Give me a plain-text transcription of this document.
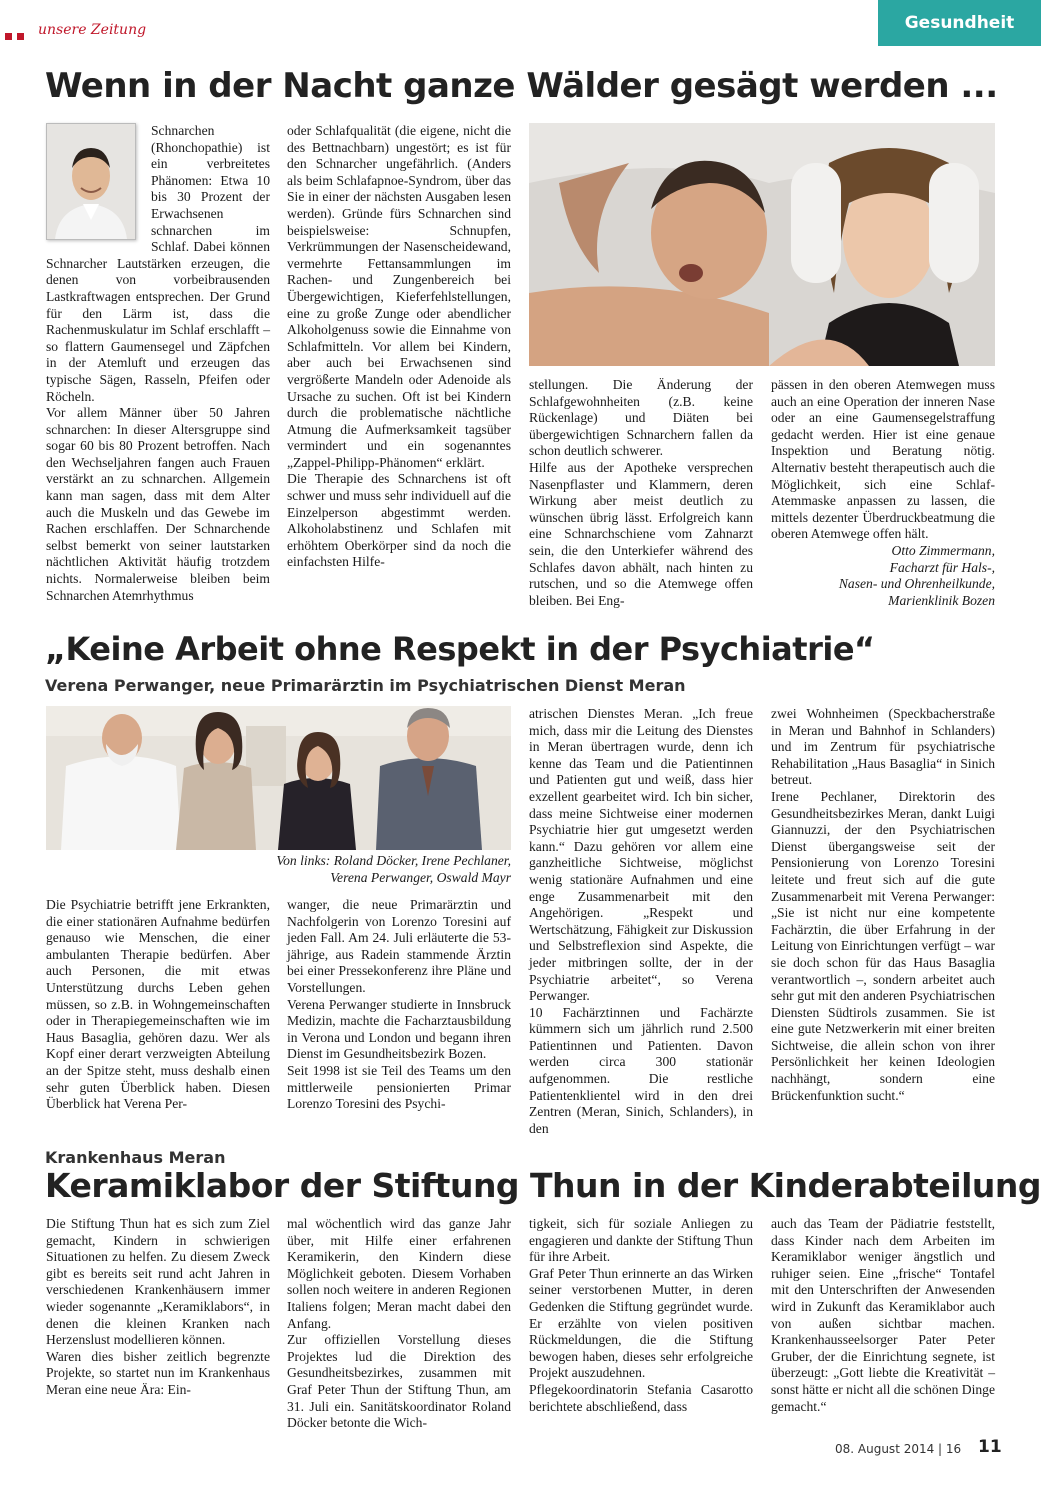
unsere Zeitung	Gesundheit
Wenn in der Nacht ganze Wälder gesägt werden ...

Schnarchen (Rhonchopathie) ist ein verbreitetes Phänomen: Etwa 10 bis 30 Prozent der Erwachsenen schnarchen im Schlaf. Dabei können Schnarcher Lautstärken erzeugen, die denen von vorbeibrausenden Lastkraftwagen entsprechen. Der Grund für den Lärm ist, dass die Rachenmuskulatur im Schlaf erschlafft – so flattern Gaumensegel und Zäpfchen in der Atemluft und erzeugen das typische Sägen, Rasseln, Pfeifen oder Röcheln.

Vor allem Männer über 50 Jahren schnarchen: In dieser Altersgruppe sind sogar 60 bis 80 Prozent betroffen. Nach den Wechseljahren fangen auch Frauen verstärkt an zu schnarchen. Allgemein kann man sagen, dass mit dem Alter auch die Muskeln und das Gewebe im Rachen erschlaffen. Der Schnarchende selbst bemerkt von seiner lautstarken nächtlichen Aktivität häufig trotzdem nichts. Normalerweise bleiben beim Schnarchen Atemrhythmus

oder Schlafqualität (die eigene, nicht die des Bettnachbarn) ungestört; es ist für den Schnarcher ungefährlich. (Anders als beim Schlafapnoe-Syndrom, über das Sie in einer der nächsten Ausgaben lesen werden). Gründe fürs Schnarchen sind beispielsweise: Schnupfen, Verkrümmungen der Nasenscheidewand, vermehrte Fettansammlungen im Rachen- und Zungenbereich bei Übergewichtigen, Kieferfehlstellungen, eine zu große Zunge oder abendlicher Alkoholgenuss sowie die Einnahme von Schlafmitteln. Vor allem bei Kindern, aber auch bei Erwachsenen sind vergrößerte Mandeln oder Adenoide als Ursache zu suchen. Oft ist bei Kindern durch die problematische nächtliche Atmung die Aufmerksamkeit tagsüber vermindert und ein sogenanntes „Zappel-Philipp-Phänomen“ erklärt.

Die Therapie des Schnarchens ist oft schwer und muss sehr individuell auf die Einzelperson abgestimmt werden. Alkoholabstinenz und Schlafen mit erhöhtem Oberkörper sind da noch die einfachsten Hilfe-

stellungen. Die Änderung der Schlafgewohnheiten (z.B. keine Rückenlage) und Diäten bei übergewichtigen Schnarchern fallen da schon deutlich schwerer.

Hilfe aus der Apotheke versprechen Nasenpflaster und Klammern, deren Wirkung aber meist deutlich zu wünschen übrig lässt. Erfolgreich kann eine Schnarchschiene vom Zahnarzt sein, die den Unterkiefer während des Schlafes davon abhält, nach hinten zu rutschen, und so die Atemwege offen bleiben. Bei Eng-

pässen in den oberen Atemwegen muss auch an eine Operation der inneren Nase oder an eine Gaumensegelstraffung gedacht werden. Hier ist eine genaue Inspektion und Beratung nötig. Alternativ besteht therapeutisch auch die Möglichkeit, sich eine Schlaf-Atemmaske anpassen zu lassen, die mittels dezenter Überdruckbeatmung die oberen Atemwege offen hält.

Otto Zimmermann,
Facharzt für Hals-,
Nasen- und Ohrenheilkunde,
Marienklinik Bozen
„Keine Arbeit ohne Respekt in der Psychiatrie“
Verena Perwanger, neue Primarärztin im Psychiatrischen Dienst Meran
Von links: Roland Döcker, Irene Pechlaner,
Verena Perwanger, Oswald Mayr

Die Psychiatrie betrifft jene Erkrankten, die einer stationären Aufnahme bedürfen genauso wie Menschen, die einer ambulanten Therapie bedürfen. Aber auch Personen, die mit etwas Unterstützung durchs Leben gehen müssen, so z.B. in Wohngemeinschaften oder in Therapiegemeinschaften wie im Haus Basaglia, gehören dazu. Wer als Kopf einer derart verzweigten Abteilung an der Spitze steht, muss deshalb einen sehr guten Überblick haben. Diesen Überblick hat Verena Per-

wanger, die neue Primarärztin und Nachfolgerin von Lorenzo Toresini auf jeden Fall. Am 24. Juli erläuterte die 53-jährige, aus Radein stammende Ärztin bei einer Pressekonferenz ihre Pläne und Vorstellungen.

Verena Perwanger studierte in Innsbruck Medizin, machte die Facharztausbildung in Verona und London und begann ihren Dienst im Gesundheitsbezirk Bozen.

Seit 1998 ist sie Teil des Teams um den mittlerweile pensionierten Primar Lorenzo Toresini des Psychi-

atrischen Dienstes Meran. „Ich freue mich, dass mir die Leitung des Dienstes in Meran übertragen wurde, denn ich kenne das Team und die Patientinnen und Patienten gut und weiß, dass hier exzellent gearbeitet wird. Ich bin sicher, dass meine Sichtweise einer modernen Psychiatrie hier gut umgesetzt werden kann.“ Dazu gehören vor allem eine ganzheitliche Sichtweise, möglichst wenig stationäre Aufnahmen und eine enge Zusammenarbeit mit den Angehörigen. „Respekt und Wertschätzung, Fähigkeit zur Diskussion und Selbstreflexion sind Aspekte, die jeder mitbringen sollte, der in der Psychiatrie arbeitet“, so Verena Perwanger.

10 Fachärztinnen und Fachärzte kümmern sich um jährlich rund 2.500 Patientinnen und Patienten. Davon werden circa 300 stationär aufgenommen. Die restliche Patientenklientel wird in den drei Zentren (Meran, Sinich, Schlanders), in den

zwei Wohnheimen (Speckbacherstraße in Meran und Bahnhof in Schlanders) und im Zentrum für psychiatrische Rehabilitation „Haus Basaglia“ in Sinich betreut.

Irene Pechlaner, Direktorin des Gesundheitsbezirkes Meran, dankt Luigi Giannuzzi, der den Psychiatrischen Dienst übergangsweise seit der Pensionierung von Lorenzo Toresini leitete und freut sich auf die gute Zusammenarbeit mit Verena Perwanger: „Sie ist nicht nur eine kompetente Fachärztin, die über Erfahrung in der Leitung von Einrichtungen verfügt – war sie doch schon für das Haus Basaglia verantwortlich –, sondern arbeitet auch sehr gut mit den anderen Psychiatrischen Diensten Südtirols zusammen. Sie ist eine gute Netzwerkerin mit einer breiten Sichtweise, die allein schon von ihrer Persönlichkeit her keinen Ideologien nachhängt, sondern eine Brückenfunktion sucht.“

Krankenhaus Meran
Keramiklabor der Stiftung Thun in der Kinderabteilung

Die Stiftung Thun hat es sich zum Ziel gemacht, Kindern in schwierigen Situationen zu helfen. Zu diesem Zweck gibt es bereits seit rund acht Jahren in verschiedenen Krankenhäusern immer wieder sogenannte „Keramiklabors“, in denen die kleinen Kranken nach Herzenslust modellieren können.

Waren dies bisher zeitlich begrenzte Projekte, so startet nun im Krankenhaus Meran eine neue Ära: Ein-

mal wöchentlich wird das ganze Jahr über, mit Hilfe einer erfahrenen Keramikerin, den Kindern diese Möglichkeit geboten. Diesem Vorhaben sollen noch weitere in anderen Regionen Italiens folgen; Meran macht dabei den Anfang.

Zur offiziellen Vorstellung dieses Projektes lud die Direktion des Gesundheitsbezirkes, zusammen mit Graf Peter Thun der Stiftung Thun, am 31. Juli ein. Sanitätskoordinator Roland Döcker betonte die Wich-

tigkeit, sich für soziale Anliegen zu engagieren und dankte der Stiftung Thun für ihre Arbeit.

Graf Peter Thun erinnerte an das Wirken seiner verstorbenen Mutter, in deren Gedenken die Stiftung gegründet wurde. Er erzählte von vielen positiven Rückmeldungen, die die Stiftung bewogen haben, dieses sehr erfolgreiche Projekt auszudehnen.

Pflegekoordinatorin Stefania Casarotto berichtete abschließend, dass

auch das Team der Pädiatrie feststellt, dass Kinder nach dem Arbeiten im Keramiklabor weniger ängstlich und ruhiger seien. Eine „frische“ Tontafel mit den Unterschriften der Anwesenden wird in Zukunft das Keramiklabor auch von außen sichtbar machen. Krankenhausseelsorger Pater Peter Gruber, der die Einrichtung segnete, ist überzeugt: „Gott liebte die Kreativität – sonst hätte er nicht all die schönen Dinge gemacht.“

08. August 2014 | 16 11
